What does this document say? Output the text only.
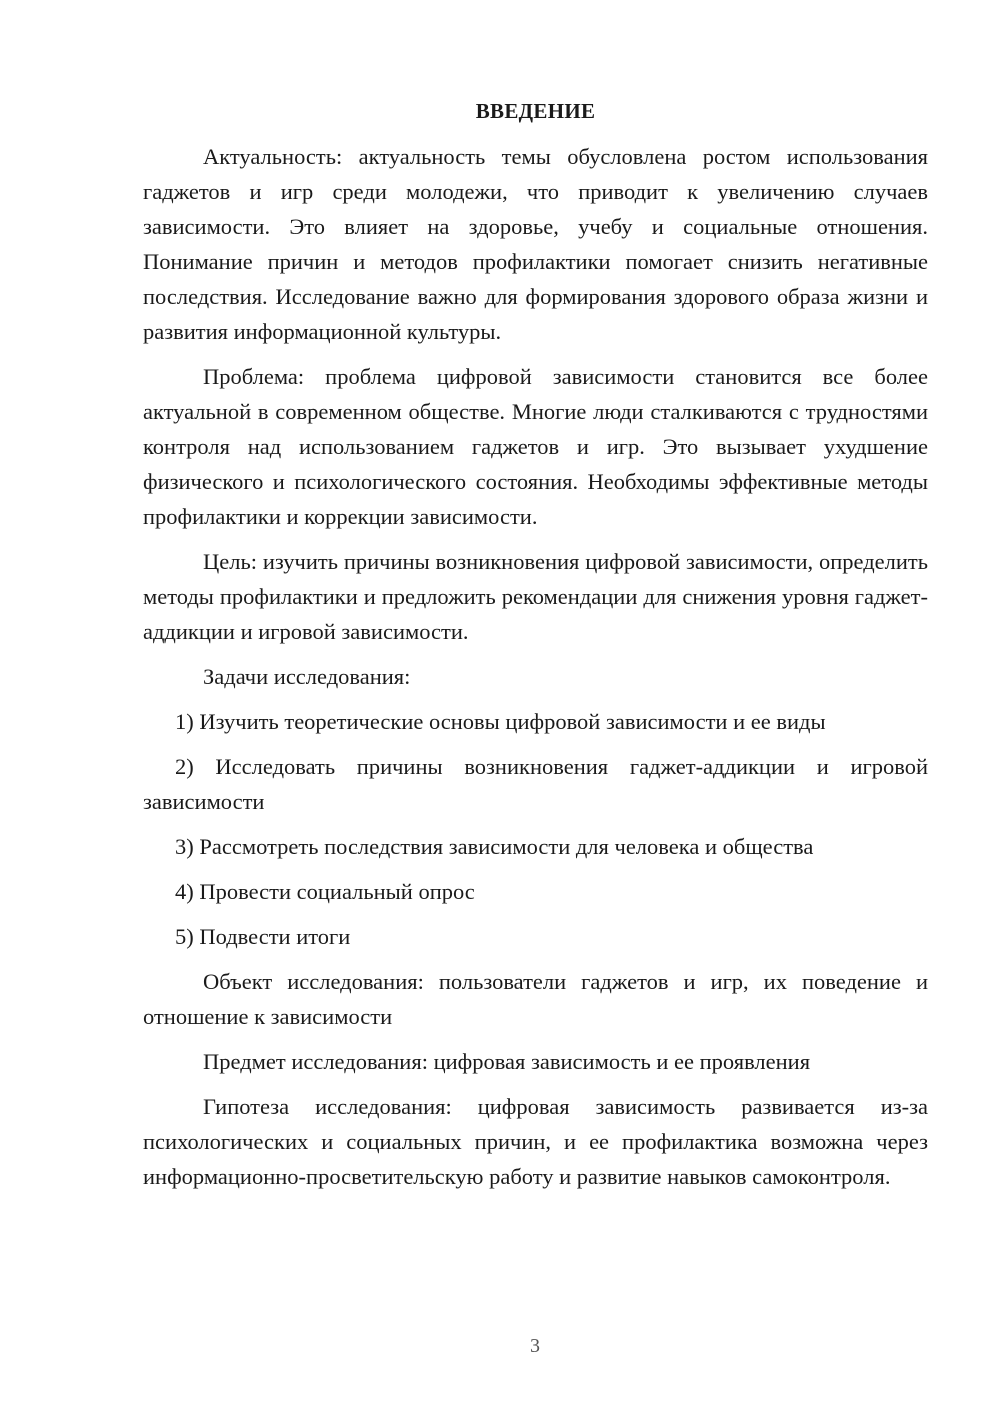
ВВЕДЕНИЕ

Актуальность: актуальность темы обусловлена ростом использования гаджетов и игр среди молодежи, что приводит к увеличению случаев зависимости. Это влияет на здоровье, учебу и социальные отношения. Понимание причин и методов профилактики помогает снизить негативные последствия. Исследование важно для формирования здорового образа жизни и развития информационной культуры.

Проблема: проблема цифровой зависимости становится все более актуальной в современном обществе. Многие люди сталкиваются с трудностями контроля над использованием гаджетов и игр. Это вызывает ухудшение физического и психологического состояния. Необходимы эффективные методы профилактики и коррекции зависимости.

Цель: изучить причины возникновения цифровой зависимости, определить методы профилактики и предложить рекомендации для снижения уровня гаджет-аддикции и игровой зависимости.

Задачи исследования:

1) Изучить теоретические основы цифровой зависимости и ее виды

2) Исследовать причины возникновения гаджет-аддикции и игровой зависимости

3) Рассмотреть последствия зависимости для человека и общества

4) Провести социальный опрос

5) Подвести итоги

Объект исследования: пользователи гаджетов и игр, их поведение и отношение к зависимости

Предмет исследования: цифровая зависимость и ее проявления

Гипотеза исследования: цифровая зависимость развивается из-за психологических и социальных причин, и ее профилактика возможна через информационно-просветительскую работу и развитие навыков самоконтроля.

3
